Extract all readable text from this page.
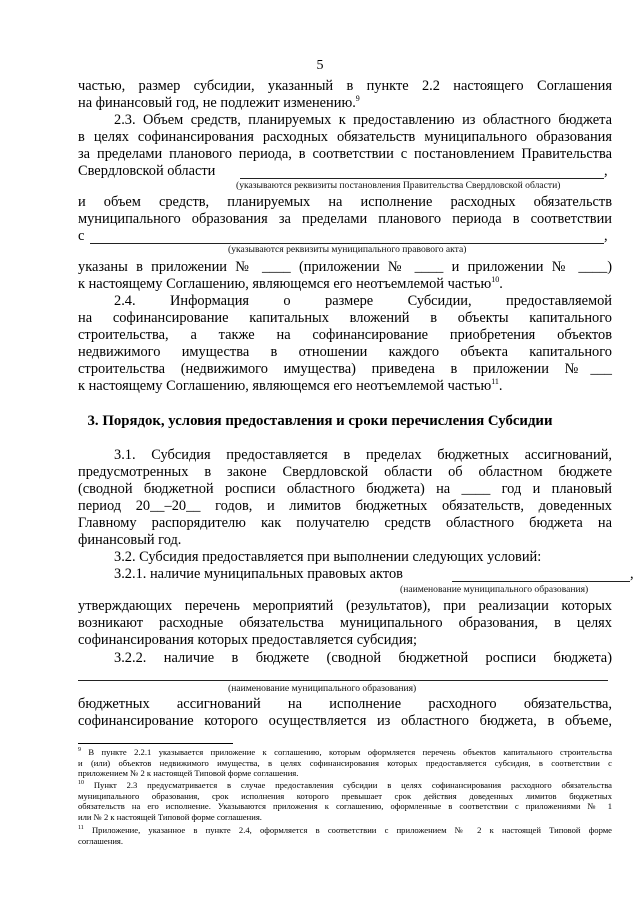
5
частью, размер субсидии, указанный в пункте 2.2 настоящего Соглашения
на финансовый год, не подлежит изменению.$^9$
2.3. Объем средств, планируемых к предоставлению из областного бюджета
в целях софинансирования расходных обязательств муниципального образования
за пределами планового периода, в соответствии с постановлением Правительства
Свердловской области	,
(указываются реквизиты постановления Правительства Свердловской области)
и объем средств, планируемых на исполнение расходных обязательств
муниципального образования за пределами планового периода в соответствии
с	,
(указываются реквизиты муниципального правового акта)
указаны в приложении № ____ (приложении № ____ и приложении № ____)
к настоящему Соглашению, являющемся его неотъемлемой частью$^{10}$.
2.4. Информация о размере Субсидии, предоставляемой
на софинансирование капитальных вложений в объекты капитального
строительства, а также на софинансирование приобретения объектов
недвижимого имущества в отношении каждого объекта капитального
строительства (недвижимого имущества) приведена в приложении №___
к настоящему Соглашению, являющемся его неотъемлемой частью$^{11}$.
3. Порядок, условия предоставления и сроки перечисления Субсидии
3.1. Субсидия предоставляется в пределах бюджетных ассигнований,
предусмотренных в законе Свердловской области об областном бюджете
(сводной бюджетной росписи областного бюджета) на ____ год и плановый
период 20__–20__ годов, и лимитов бюджетных обязательств, доведенных
Главному распорядителю как получателю средств областного бюджета на
финансовый год.
3.2. Субсидия предоставляется при выполнении следующих условий:
3.2.1. наличие муниципальных правовых актов	,
(наименование муниципального образования)
утверждающих перечень мероприятий (результатов), при реализации которых
возникают расходные обязательства муниципального образования, в целях
софинансирования которых предоставляется субсидия;
3.2.2. наличие в бюджете (сводной бюджетной росписи бюджета)
(наименование муниципального образования)
бюджетных ассигнований на исполнение расходного обязательства,
софинансирование которого осуществляется из областного бюджета, в объеме,
$^9$ В пункте 2.2.1 указывается приложение к соглашению, которым оформляется перечень объектов капитального строительства
и (или) объектов недвижимого имущества, в целях софинансирования которых предоставляется субсидия, в соответствии с
приложением № 2 к настоящей Типовой форме соглашения.
$^{10}$ Пункт 2.3 предусматривается в случае предоставления субсидии в целях софинансирования расходного обязательства
муниципального образования, срок исполнения которого превышает срок действия доведенных лимитов бюджетных
обязательств на его исполнение. Указываются приложения к соглашению, оформленные в соответствии с приложениями № 1
или № 2 к настоящей Типовой форме соглашения.
$^{11}$ Приложение, указанное в пункте 2.4, оформляется в соответствии с приложением № 2 к настоящей Типовой форме
соглашения.
